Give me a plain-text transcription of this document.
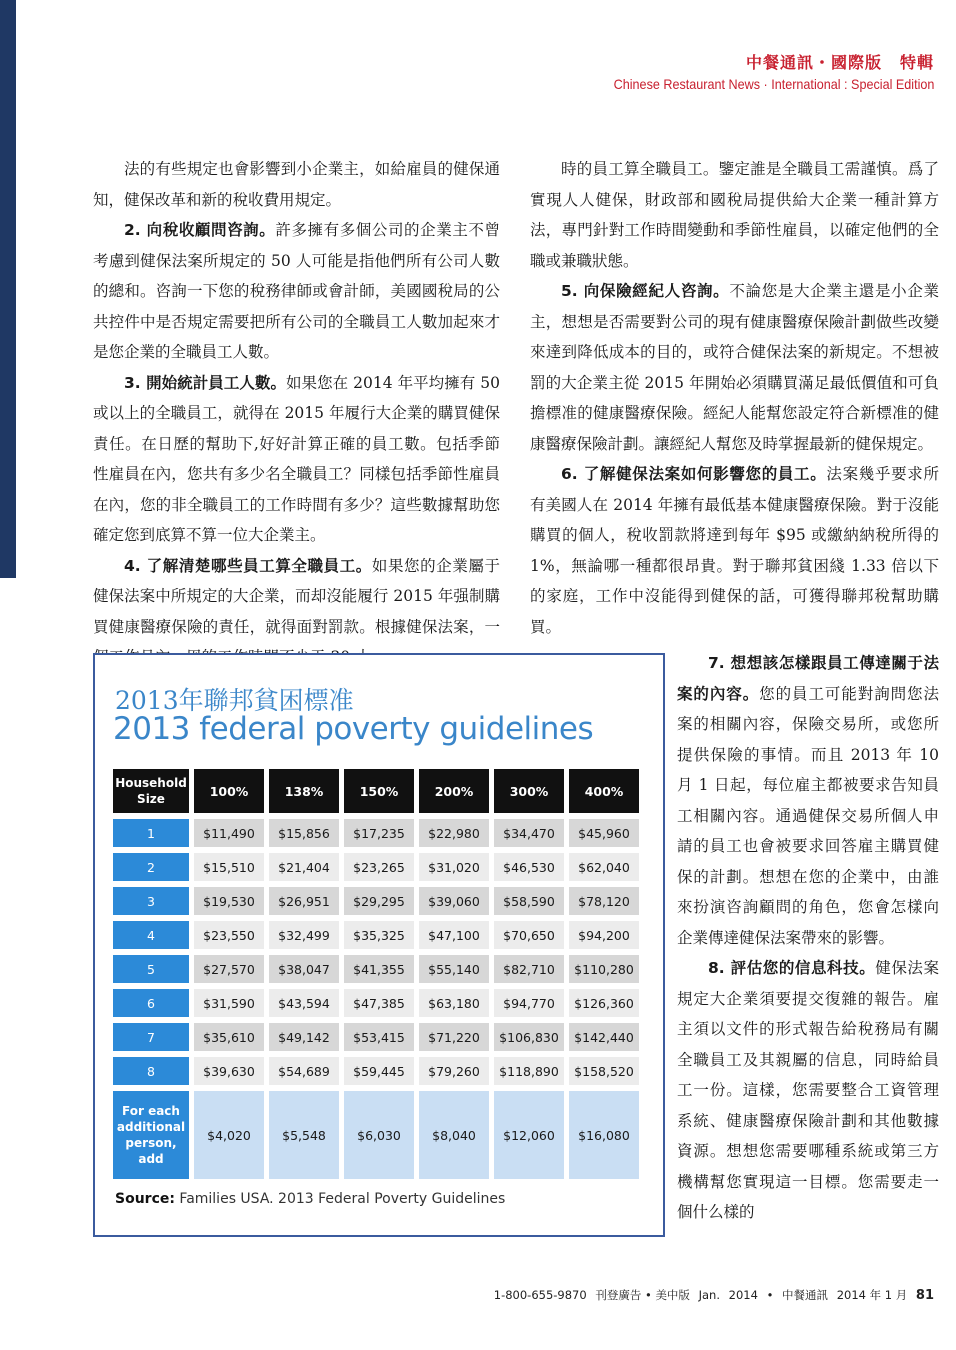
中餐通訊・國際版 特輯
Chinese Restaurant News · International : Special Edition

法的有些規定也會影響到小企業主，如給雇員的健保通知，健保改革和新的稅收費用規定。

2. 向稅收顧問咨詢。許多擁有多個公司的企業主不曾考慮到健保法案所規定的 50 人可能是指他們所有公司人數的總和。咨詢一下您的稅務律師或會計師，美國國稅局的公共控件中是否規定需要把所有公司的全職員工人數加起來才是您企業的全職員工人數。

3. 開始統計員工人數。如果您在 2014 年平均擁有 50 或以上的全職員工，就得在 2015 年履行大企業的購買健保責任。在日歷的幫助下,好好計算正確的員工數。包括季節性雇員在內，您共有多少名全職員工？同樣包括季節性雇員在內，您的非全職員工的工作時間有多少？這些數據幫助您確定您到底算不算一位大企業主。

4. 了解清楚哪些員工算全職員工。如果您的企業屬于健保法案中所規定的大企業，而却沒能履行 2015 年强制購買健康醫療保險的責任，就得面對罰款。根據健保法案，一

時的員工算全職員工。鑒定誰是全職員工需謹慎。爲了實現人人健保，財政部和國稅局提供給大企業一種計算方法，專門針對工作時間變動和季節性雇員，以確定他們的全職或兼職狀態。

5. 向保險經紀人咨詢。不論您是大企業主還是小企業主，想想是否需要對公司的現有健康醫療保險計劃做些改變來達到降低成本的目的，或符合健保法案的新規定。不想被罰的大企業主從 2015 年開始必須購買滿足最低價值和可負擔標准的健康醫療保險。經紀人能幫您設定符合新標准的健康醫療保險計劃。讓經紀人幫您及時掌握最新的健保規定。

6. 了解健保法案如何影響您的員工。法案幾乎要求所有美國人在 2014 年擁有最低基本健康醫療保險。對于沒能購買的個人，稅收罰款將達到每年 $95 或繳納納稅所得的 1%，無論哪一種都很昂貴。對于聯邦貧困綫 1.33 倍以下的家庭，工作中沒能得到健保的話，可獲得聯邦稅幫助購買。

7. 想想該怎樣跟員工傳達關于法案的內容。您的員工可能對詢問您法案的相關內容，保險交易所，或您所提供保險的事情。而且 2013 年 10 月 1 日起，每位雇主都被要求告知員工相關內容。通過健保交易所個人申請的員工也會被要求回答雇主購買健保的計劃。想想在您的企業中，由誰來扮演咨詢顧問的角色，您會怎樣向企業傳達健保法案帶來的影響。

8. 評估您的信息科技。健保法案規定大企業須要提交復雜的報告。雇主須以文件的形式報告給稅務局有關全職員工及其親屬的信息，同時給員工一份。這樣，您需要整合工資管理系統、健康醫療保險計劃和其他數據資源。想想您需要哪種系統或第三方機構幫您實現這一目標。您需要走一個什么樣的

2013年聯邦貧困標准
2013 federal poverty guidelines
Household Size	100%	138%	150%	200%	300%	400%
1	$11,490	$15,856	$17,235	$22,980	$34,470	$45,960
2	$15,510	$21,404	$23,265	$31,020	$46,530	$62,040
3	$19,530	$26,951	$29,295	$39,060	$58,590	$78,120
4	$23,550	$32,499	$35,325	$47,100	$70,650	$94,200
5	$27,570	$38,047	$41,355	$55,140	$82,710	$110,280
6	$31,590	$43,594	$47,385	$63,180	$94,770	$126,360
7	$35,610	$49,142	$53,415	$71,220	$106,830	$142,440
8	$39,630	$54,689	$59,445	$79,260	$118,890	$158,520
For each additional person, add	$4,020	$5,548	$6,030	$8,040	$12,060	$16,080
Source: Families USA. 2013 Federal Poverty Guidelines
1-800-655-9870 刊登廣告 • 美中版 Jan. 2014 • 中餐通訊 2014 年 1 月 81
